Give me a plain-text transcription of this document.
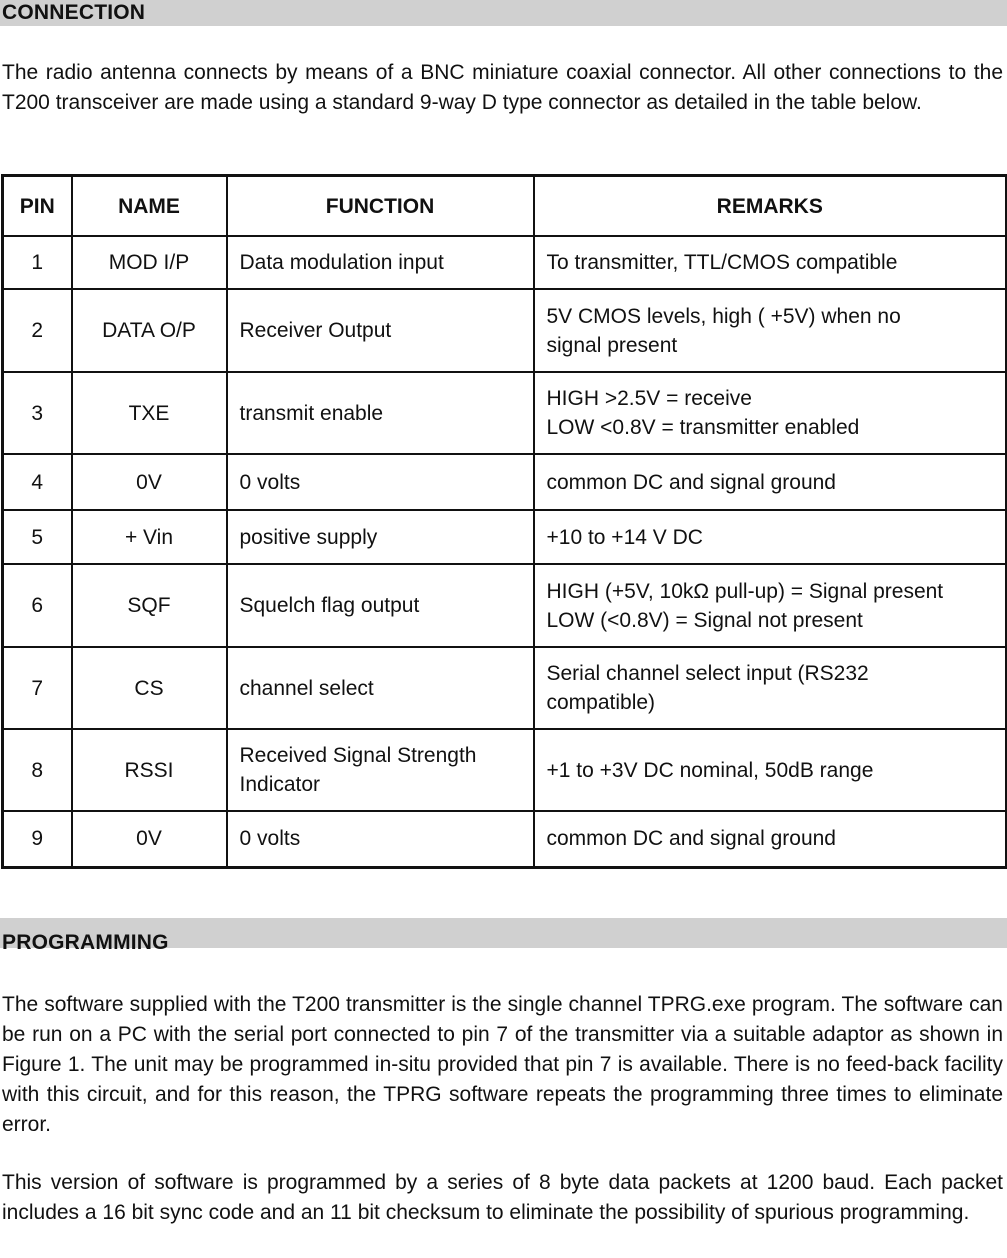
CONNECTION

The radio antenna connects by means of a BNC miniature coaxial connector. All other connections to the T200 transceiver are made using a standard 9-way D type connector as detailed in the table below.

PIN	NAME	FUNCTION	REMARKS
1	MOD I/P	Data modulation input	To transmitter, TTL/CMOS compatible
2	DATA O/P	Receiver Output	5V CMOS levels, high ( +5V) when no
signal present
3	TXE	transmit enable	HIGH >2.5V = receive
LOW <0.8V = transmitter enabled
4	0V	0 volts	common DC and signal ground
5	+ Vin	positive supply	+10 to +14 V DC
6	SQF	Squelch flag output	HIGH (+5V, 10kΩ pull-up) = Signal present
LOW (<0.8V) = Signal not present
7	CS	channel select	Serial channel select input (RS232
compatible)
8	RSSI	Received Signal Strength Indicator	+1 to +3V DC nominal, 50dB range
9	0V	0 volts	common DC and signal ground
PROGRAMMING

The software supplied with the T200 transmitter is the single channel TPRG.exe program. The software can be run on a PC with the serial port connected to pin 7 of the transmitter via a suitable adaptor as shown in Figure 1. The unit may be programmed in-situ provided that pin 7 is available. There is no feed-back facility with this circuit, and for this reason, the TPRG software repeats the programming three times to eliminate error.

This version of software is programmed by a series of 8 byte data packets at 1200 baud. Each packet includes a 16 bit sync code and an 11 bit checksum to eliminate the possibility of spurious programming.
